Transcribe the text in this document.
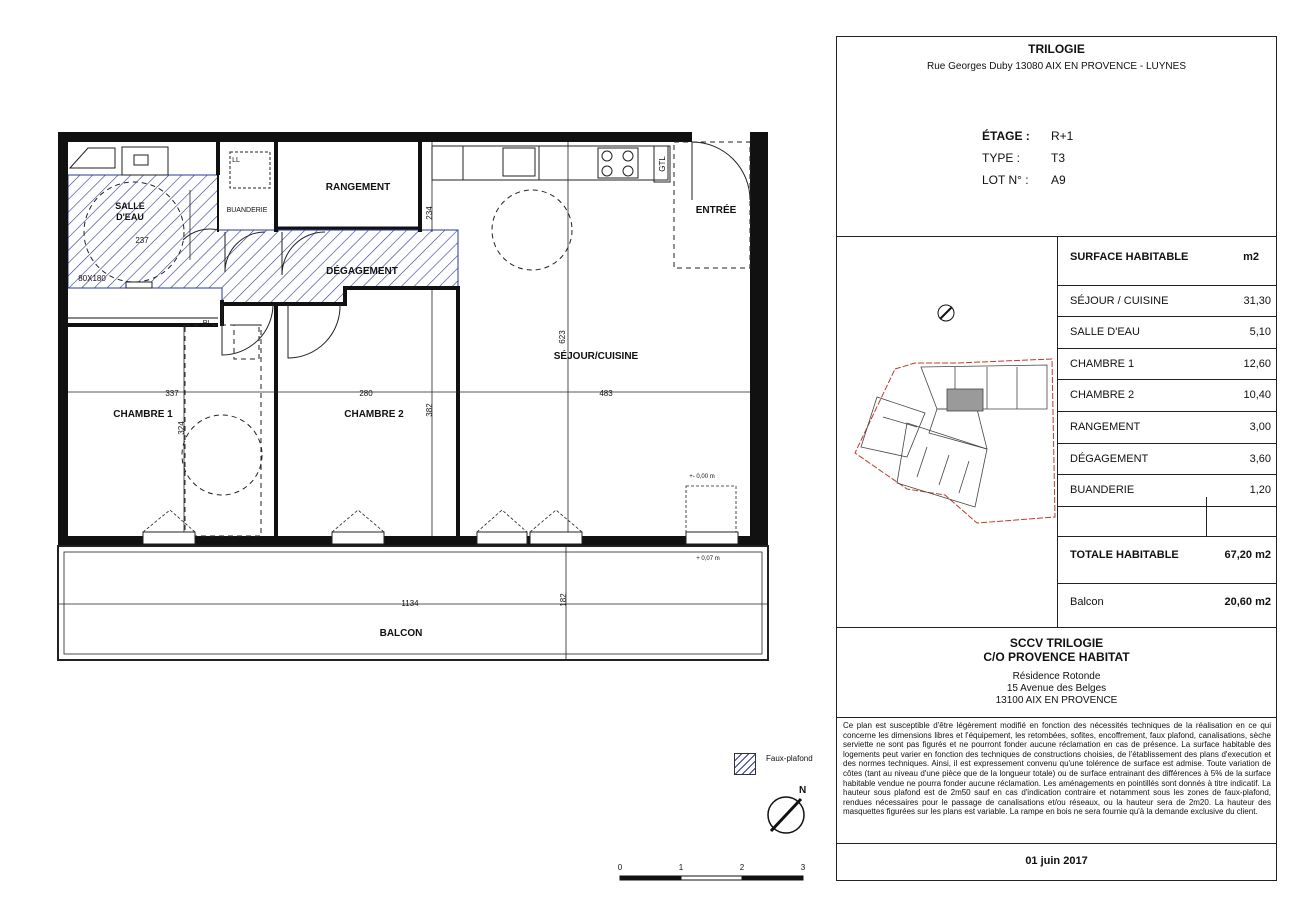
SALLE
D'EAU
RANGEMENT
DÉGAGEMENT
ENTRÉE
SÉJOUR/CUISINE
CHAMBRE 1	CHAMBRE 2
BALCON
BUANDERIE
LL
PL
80X180
GTL
337	280	483
382
623
234
324
237
1134	182
+- 0,00 m
+ 0,07 m
N
0	1	2	3
Faux-plafond
TRILOGIE
Rue Georges Duby 13080 AIX EN PROVENCE - LUYNES
ÉTAGE : R+1
TYPE :	T3
LOT N° : A9
SURFACE HABITABLE	m2
SÉJOUR / CUISINE	31,30
SALLE D'EAU	5,10
CHAMBRE 1	12,60
CHAMBRE 2	10,40
RANGEMENT	3,00
DÉGAGEMENT	3,60
BUANDERIE	1,20
TOTALE HABITABLE	67,20 m2
Balcon	20,60 m2
SCCV TRILOGIE
C/O PROVENCE HABITAT
Résidence Rotonde
15 Avenue des Belges
13100 AIX EN PROVENCE
Ce plan est susceptible d'être légèrement modifié en fonction des nécessités techniques de la réalisation en ce qui concerne les dimensions libres et l'équipement, les retombées, sofites, encoffrement, faux plafond, canalisations, sèche serviette ne sont pas figurés et ne pourront fonder aucune réclamation en cas de présence. La surface habitable des logements peut varier en fonction des techniques de constructions choisies, de l'établissement des plans d'execution et des normes techniques. Ainsi, il est expressement convenu qu'une tolérence de surface est admise. Toute variation de côtes (tant au niveau d'une pièce que de la longueur totale) ou de surface entrainant des différences à 5% de la surface habitable vendue ne pourra fonder aucune réclamation. Les aménagements en pointillés sont donnés à titre indicatif. La hauteur sous plafond est de 2m50 sauf en cas d'indication contraire et notamment sous les zones de faux-plafond, rendues nécessaires pour le passage de canalisations et/ou réseaux, ou la hauteur sera de 2m20. La hauteur des masquettes figurées sur les plans est variable. La rampe en bois ne sera fournie qu'à la demande exclusive du client.
01 juin 2017
